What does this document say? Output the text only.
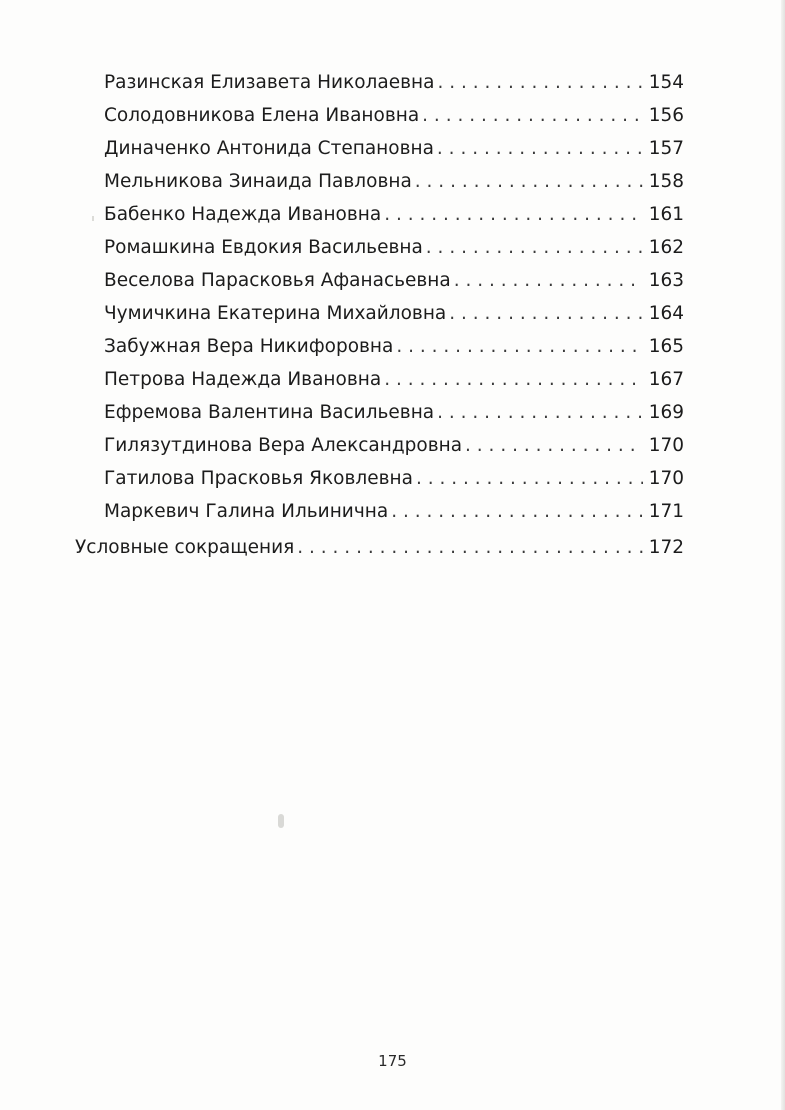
Разинская Елизавета Николаевна . . .	154
Солодовникова Елена Ивановна . . .	156
Диначенко Антонида Степановна . . .	157
Мельникова Зинаида Павловна . . .	158
Бабенко Надежда Ивановна . . .	161
Ромашкина Евдокия Васильевна . . .	162
Веселова Парасковья Афанасьевна . . .	163
Чумичкина Екатерина Михайловна . . .	164
Забужная Вера Никифоровна . . .	165
Петрова Надежда Ивановна . . .	167
Ефремова Валентина Васильевна . . .	169
Гилязутдинова Вера Александровна . . .	170
Гатилова Прасковья Яковлевна . . .	170
Маркевич Галина Ильинична . . .	171
Условные сокращения . . .	172
175
